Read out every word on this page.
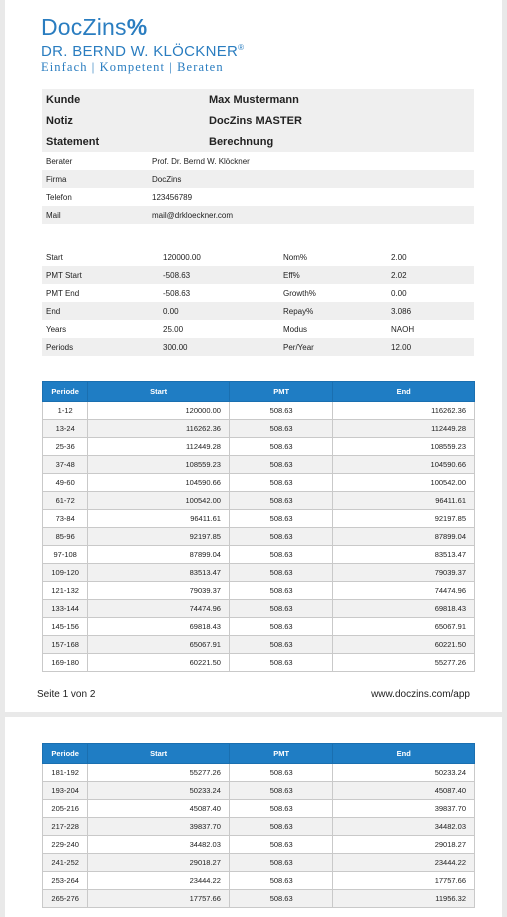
DocZins%
DR. BERND W. KLÖCKNER®
Einfach | Kompetent | Beraten
Kunde	Max Mustermann
Notiz	DocZins MASTER
Statement	Berechnung
Berater	Prof. Dr. Bernd W. Klöckner
Firma	DocZins
Telefon	123456789
Mail	mail@drkloeckner.com
Start	120000.00	Nom%	2.00
PMT Start	-508.63	Eff%	2.02
PMT End	-508.63	Growth%	0.00
End	0.00	Repay%	3.086
Years	25.00	Modus	NAOH
Periods	300.00	Per/Year	12.00
Periode	Start	PMT	End
1-12	120000.00	508.63	116262.36
13-24	116262.36	508.63	112449.28
25-36	112449.28	508.63	108559.23
37-48	108559.23	508.63	104590.66
49-60	104590.66	508.63	100542.00
61-72	100542.00	508.63	96411.61
73-84	96411.61	508.63	92197.85
85-96	92197.85	508.63	87899.04
97-108	87899.04	508.63	83513.47
109-120	83513.47	508.63	79039.37
121-132	79039.37	508.63	74474.96
133-144	74474.96	508.63	69818.43
145-156	69818.43	508.63	65067.91
157-168	65067.91	508.63	60221.50
169-180	60221.50	508.63	55277.26
Seite 1 von 2	www.doczins.com/app
Periode	Start	PMT	End
181-192	55277.26	508.63	50233.24
193-204	50233.24	508.63	45087.40
205-216	45087.40	508.63	39837.70
217-228	39837.70	508.63	34482.03
229-240	34482.03	508.63	29018.27
241-252	29018.27	508.63	23444.22
253-264	23444.22	508.63	17757.66
265-276	17757.66	508.63	11956.32
